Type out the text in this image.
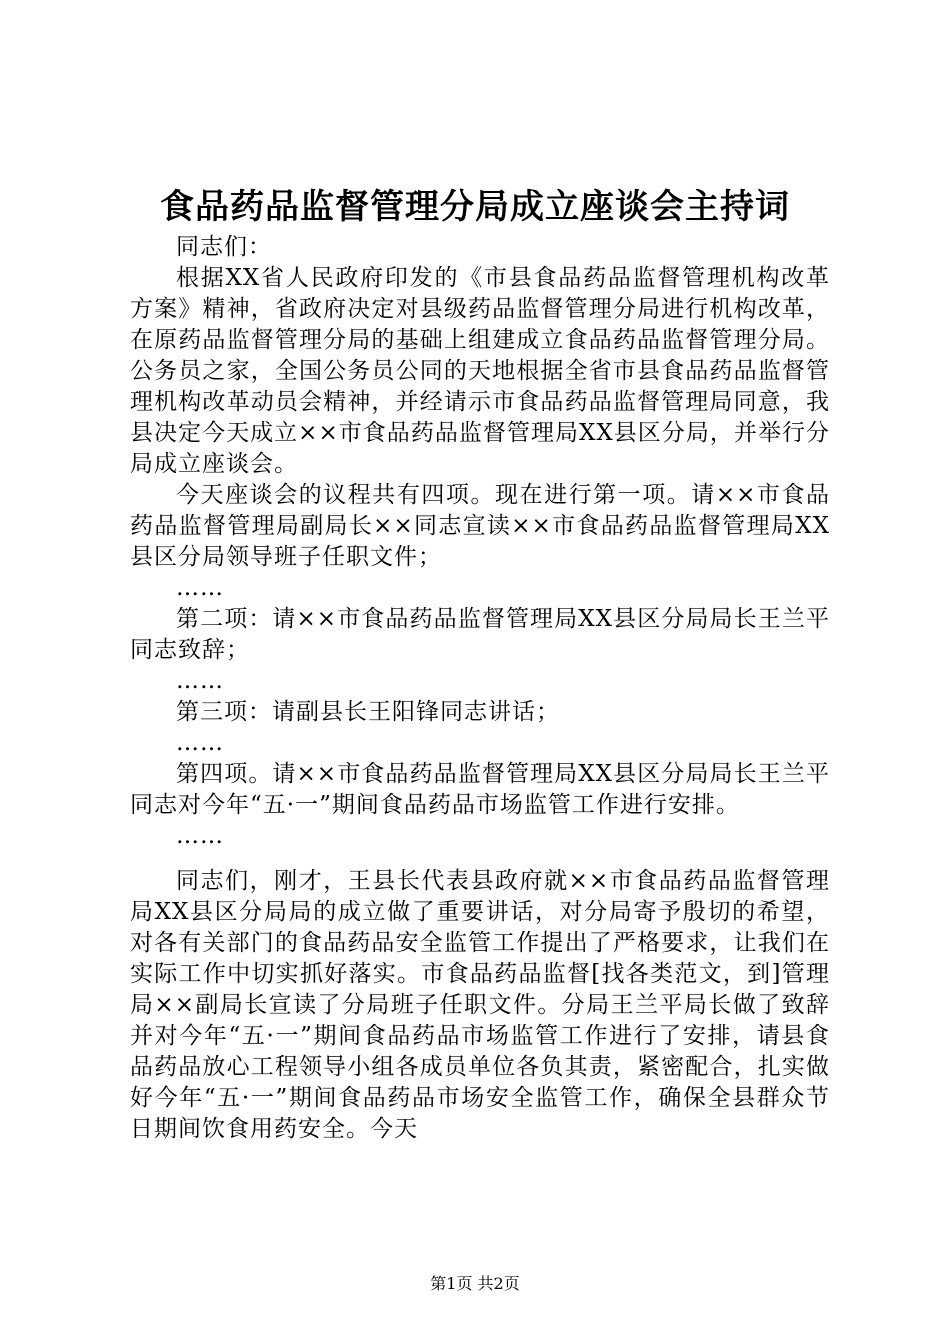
食品药品监督管理分局成立座谈会主持词

同志们：

根据XX省人民政府印发的《市县食品药品监督管理机构改革方案》精神，省政府决定对县级药品监督管理分局进行机构改革，在原药品监督管理分局的基础上组建成立食品药品监督管理分局。公务员之家，全国公务员公同的天地根据全省市县食品药品监督管理机构改革动员会精神，并经请示市食品药品监督管理局同意，我县决定今天成立××市食品药品监督管理局XX县区分局，并举行分局成立座谈会。

今天座谈会的议程共有四项。现在进行第一项。请××市食品药品监督管理局副局长××同志宣读××市食品药品监督管理局XX县区分局领导班子任职文件；

……

第二项：请××市食品药品监督管理局XX县区分局局长王兰平同志致辞；

……

第三项：请副县长王阳锋同志讲话；

……

第四项。请××市食品药品监督管理局XX县区分局局长王兰平同志对今年“五·一”期间食品药品市场监管工作进行安排。

……

同志们，刚才，王县长代表县政府就××市食品药品监督管理局XX县区分局局的成立做了重要讲话，对分局寄予殷切的希望，对各有关部门的食品药品安全监管工作提出了严格要求，让我们在实际工作中切实抓好落实。市食品药品监督[找各类范文，到]管理局××副局长宣读了分局班子任职文件。分局王兰平局长做了致辞并对今年“五·一”期间食品药品市场监管工作进行了安排，请县食品药品放心工程领导小组各成员单位各负其责，紧密配合，扎实做好今年“五·一”期间食品药品市场安全监管工作，确保全县群众节日期间饮食用药安全。今天

第1页 共2页
